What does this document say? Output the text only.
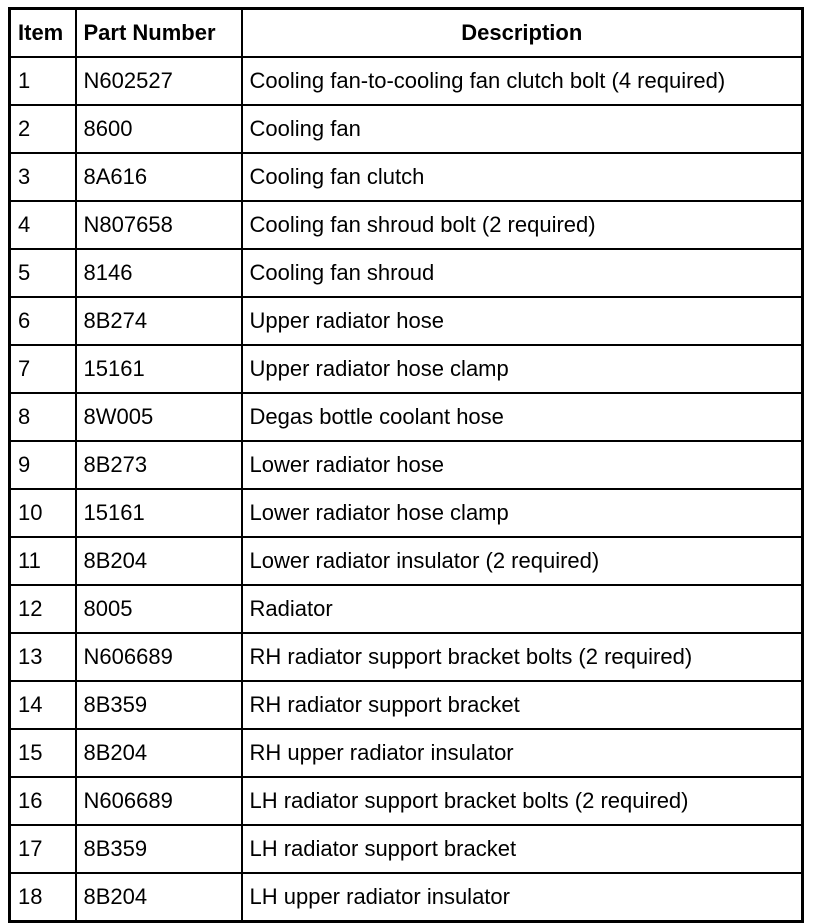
Item	Part Number	Description
1	N602527	Cooling fan-to-cooling fan clutch bolt (4 required)
2	8600	Cooling fan
3	8A616	Cooling fan clutch
4	N807658	Cooling fan shroud bolt (2 required)
5	8146	Cooling fan shroud
6	8B274	Upper radiator hose
7	15161	Upper radiator hose clamp
8	8W005	Degas bottle coolant hose
9	8B273	Lower radiator hose
10	15161	Lower radiator hose clamp
11	8B204	Lower radiator insulator (2 required)
12	8005	Radiator
13	N606689	RH radiator support bracket bolts (2 required)
14	8B359	RH radiator support bracket
15	8B204	RH upper radiator insulator
16	N606689	LH radiator support bracket bolts (2 required)
17	8B359	LH radiator support bracket
18	8B204	LH upper radiator insulator
